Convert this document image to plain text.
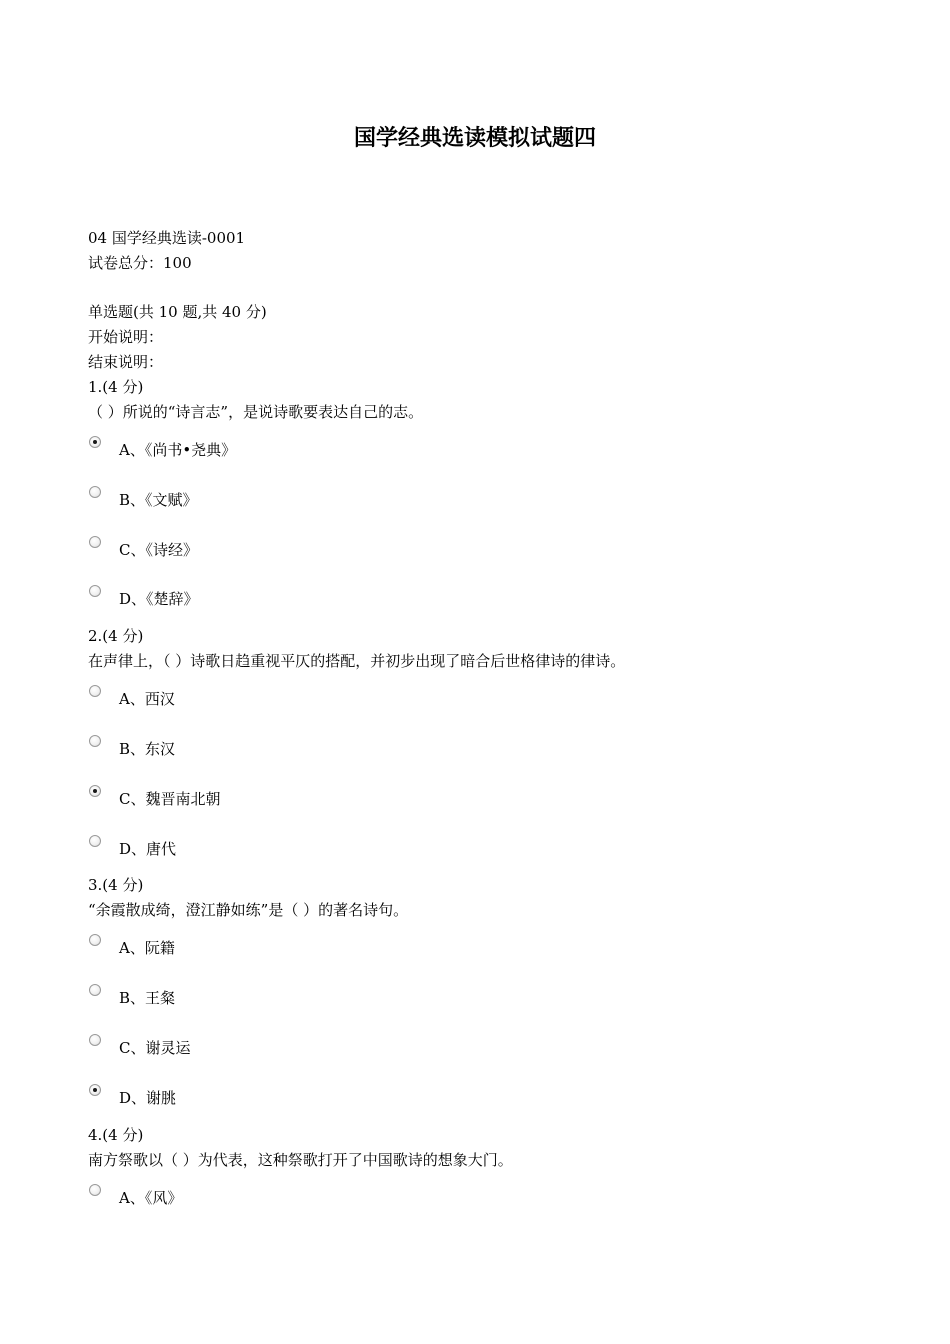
国学经典选读模拟试题四
04 国学经典选读-0001
试卷总分：100
单选题(共 10 题,共 40 分)
开始说明：
结束说明：
1.(4 分)
（ ）所说的“诗言志”，是说诗歌要表达自己的志。
A、《尚书•尧典》
B、《文赋》
C、《诗经》
D、《楚辞》
2.(4 分)
在声律上，（ ）诗歌日趋重视平仄的搭配，并初步出现了暗合后世格律诗的律诗。
A、西汉
B、东汉
C、魏晋南北朝
D、唐代
3.(4 分)
“余霞散成绮，澄江静如练”是（ ）的著名诗句。
A、阮籍
B、王粲
C、谢灵运
D、谢朓
4.(4 分)
南方祭歌以（ ）为代表，这种祭歌打开了中国歌诗的想象大门。
A、《风》
